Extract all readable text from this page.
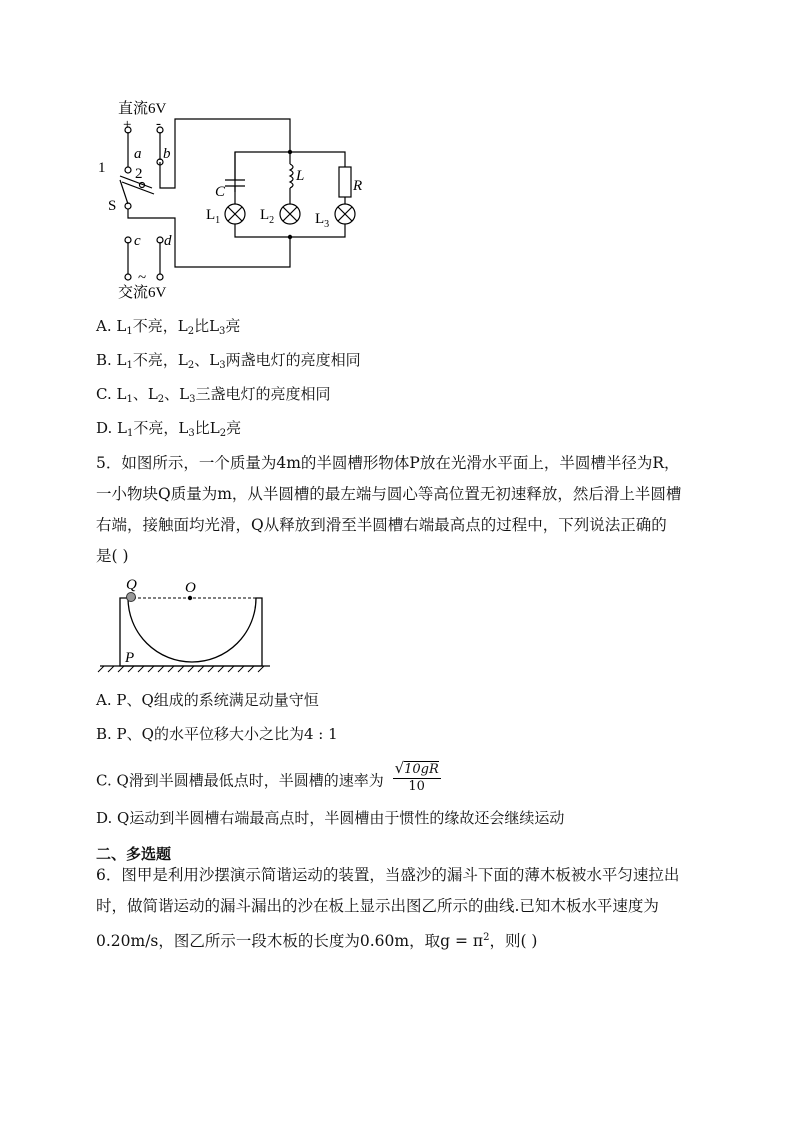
直流6V
+ -
a b
1 2
S
c d
~
交流6V
C
L
R
$L_1$	$L_2$	$L_3$
A. $L_1$不亮，$L_2$比$L_3$亮
B. $L_1$不亮，$L_2$、$L_3$两盏电灯的亮度相同
C. $L_1$、$L_2$、$L_3$三盏电灯的亮度相同
D. $L_1$不亮，$L_3$比$L_2$亮
5．如图所示，一个质量为4m的半圆槽形物体P放在光滑水平面上，半圆槽半径为R，
一小物块Q质量为m，从半圆槽的最左端与圆心等高位置无初速释放，然后滑上半圆槽
右端，接触面均光滑，Q从释放到滑至半圆槽右端最高点的过程中，下列说法正确的
是( )
Q	O
P
A. P、Q组成的系统满足动量守恒
B. P、Q的水平位移大小之比为4 : 1
C. Q滑到半圆槽最低点时，半圆槽的速率为 $\frac{√10gR}{10}$
D. Q运动到半圆槽右端最高点时，半圆槽由于惯性的缘故还会继续运动
二、多选题
6．图甲是利用沙摆演示简谐运动的装置，当盛沙的漏斗下面的薄木板被水平匀速拉出
时，做简谐运动的漏斗漏出的沙在板上显示出图乙所示的曲线.已知木板水平速度为
0.20m/s，图乙所示一段木板的长度为0.60m，取$g = \pi^2$，则( )
